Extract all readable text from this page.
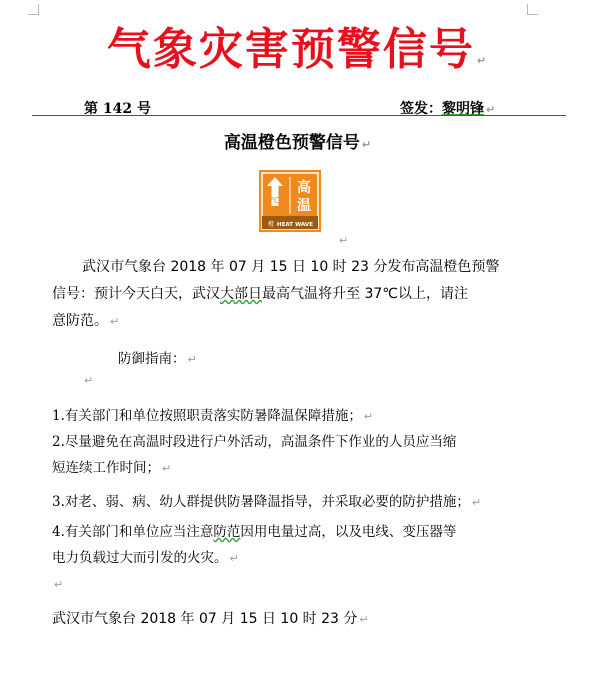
气象灾害预警信号 ↵
第 142 号	签发：黎明锋 ↵
高温橙色预警信号 ↵
℃
高
温
橙 HEAT WAVE
↵
武汉市气象台 2018 年 07 月 15 日 10 时 23 分发布高温橙色预警
信号：预计今天白天，武汉大部日最高气温将升至 37℃以上，请注
意防范。 ↵
防御指南： ↵
↵
1.有关部门和单位按照职责落实防暑降温保障措施； ↵
2.尽量避免在高温时段进行户外活动，高温条件下作业的人员应当缩
短连续工作时间； ↵
3.对老、弱、病、幼人群提供防暑降温指导，并采取必要的防护措施； ↵
4.有关部门和单位应当注意防范因用电量过高，以及电线、变压器等
电力负载过大而引发的火灾。 ↵
↵
武汉市气象台 2018 年 07 月 15 日 10 时 23 分 ↵
